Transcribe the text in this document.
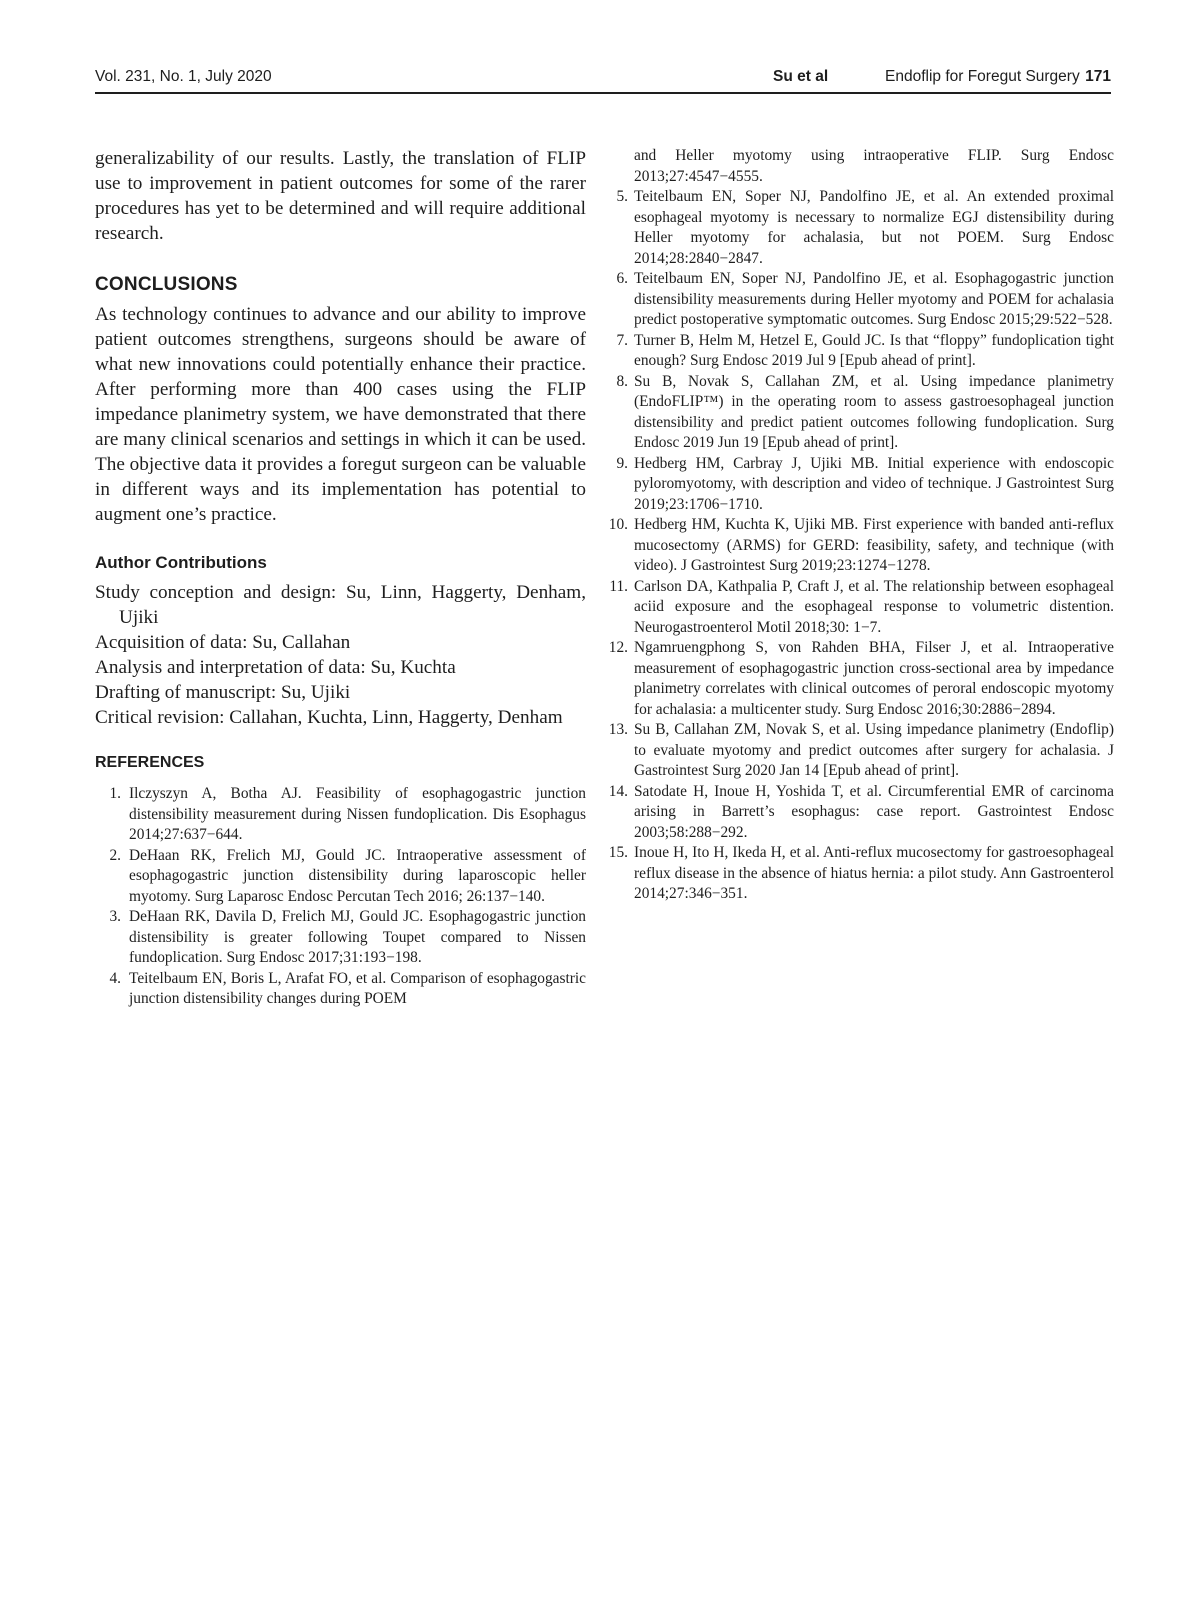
Vol. 231, No. 1, July 2020	Su et al	Endoflip for Foregut Surgery 171

generalizability of our results. Lastly, the translation of FLIP use to improvement in patient outcomes for some of the rarer procedures has yet to be determined and will require additional research.

CONCLUSIONS

As technology continues to advance and our ability to improve patient outcomes strengthens, surgeons should be aware of what new innovations could potentially enhance their practice. After performing more than 400 cases using the FLIP impedance planimetry system, we have demonstrated that there are many clinical scenarios and settings in which it can be used. The objective data it provides a foregut surgeon can be valuable in different ways and its implementation has potential to augment one’s practice.

Author Contributions
Study conception and design: Su, Linn, Haggerty, Denham, Ujiki
Acquisition of data: Su, Callahan
Analysis and interpretation of data: Su, Kuchta
Drafting of manuscript: Su, Ujiki
Critical revision: Callahan, Kuchta, Linn, Haggerty, Denham
REFERENCES
1. Ilczyszyn A, Botha AJ. Feasibility of esophagogastric junction distensibility measurement during Nissen fundoplication. Dis Esophagus 2014;27:637−644.
2. DeHaan RK, Frelich MJ, Gould JC. Intraoperative assessment of esophagogastric junction distensibility during laparoscopic heller myotomy. Surg Laparosc Endosc Percutan Tech 2016; 26:137−140.
3. DeHaan RK, Davila D, Frelich MJ, Gould JC. Esophagogastric junction distensibility is greater following Toupet compared to Nissen fundoplication. Surg Endosc 2017;31:193−198.
4. Teitelbaum EN, Boris L, Arafat FO, et al. Comparison of esophagogastric junction distensibility changes during POEM
and Heller myotomy using intraoperative FLIP. Surg Endosc 2013;27:4547−4555.
5. Teitelbaum EN, Soper NJ, Pandolfino JE, et al. An extended proximal esophageal myotomy is necessary to normalize EGJ distensibility during Heller myotomy for achalasia, but not POEM. Surg Endosc 2014;28:2840−2847.
6. Teitelbaum EN, Soper NJ, Pandolfino JE, et al. Esophagogastric junction distensibility measurements during Heller myotomy and POEM for achalasia predict postoperative symptomatic outcomes. Surg Endosc 2015;29:522−528.
7. Turner B, Helm M, Hetzel E, Gould JC. Is that “floppy” fundoplication tight enough? Surg Endosc 2019 Jul 9 [Epub ahead of print].
8. Su B, Novak S, Callahan ZM, et al. Using impedance planimetry (EndoFLIP™) in the operating room to assess gastroesophageal junction distensibility and predict patient outcomes following fundoplication. Surg Endosc 2019 Jun 19 [Epub ahead of print].
9. Hedberg HM, Carbray J, Ujiki MB. Initial experience with endoscopic pyloromyotomy, with description and video of technique. J Gastrointest Surg 2019;23:1706−1710.
10. Hedberg HM, Kuchta K, Ujiki MB. First experience with banded anti-reflux mucosectomy (ARMS) for GERD: feasibility, safety, and technique (with video). J Gastrointest Surg 2019;23:1274−1278.
11. Carlson DA, Kathpalia P, Craft J, et al. The relationship between esophageal aciid exposure and the esophageal response to volumetric distention. Neurogastroenterol Motil 2018;30: 1−7.
12. Ngamruengphong S, von Rahden BHA, Filser J, et al. Intraoperative measurement of esophagogastric junction cross-sectional area by impedance planimetry correlates with clinical outcomes of peroral endoscopic myotomy for achalasia: a multicenter study. Surg Endosc 2016;30:2886−2894.
13. Su B, Callahan ZM, Novak S, et al. Using impedance planimetry (Endoflip) to evaluate myotomy and predict outcomes after surgery for achalasia. J Gastrointest Surg 2020 Jan 14 [Epub ahead of print].
14. Satodate H, Inoue H, Yoshida T, et al. Circumferential EMR of carcinoma arising in Barrett’s esophagus: case report. Gastrointest Endosc 2003;58:288−292.
15. Inoue H, Ito H, Ikeda H, et al. Anti-reflux mucosectomy for gastroesophageal reflux disease in the absence of hiatus hernia: a pilot study. Ann Gastroenterol 2014;27:346−351.
